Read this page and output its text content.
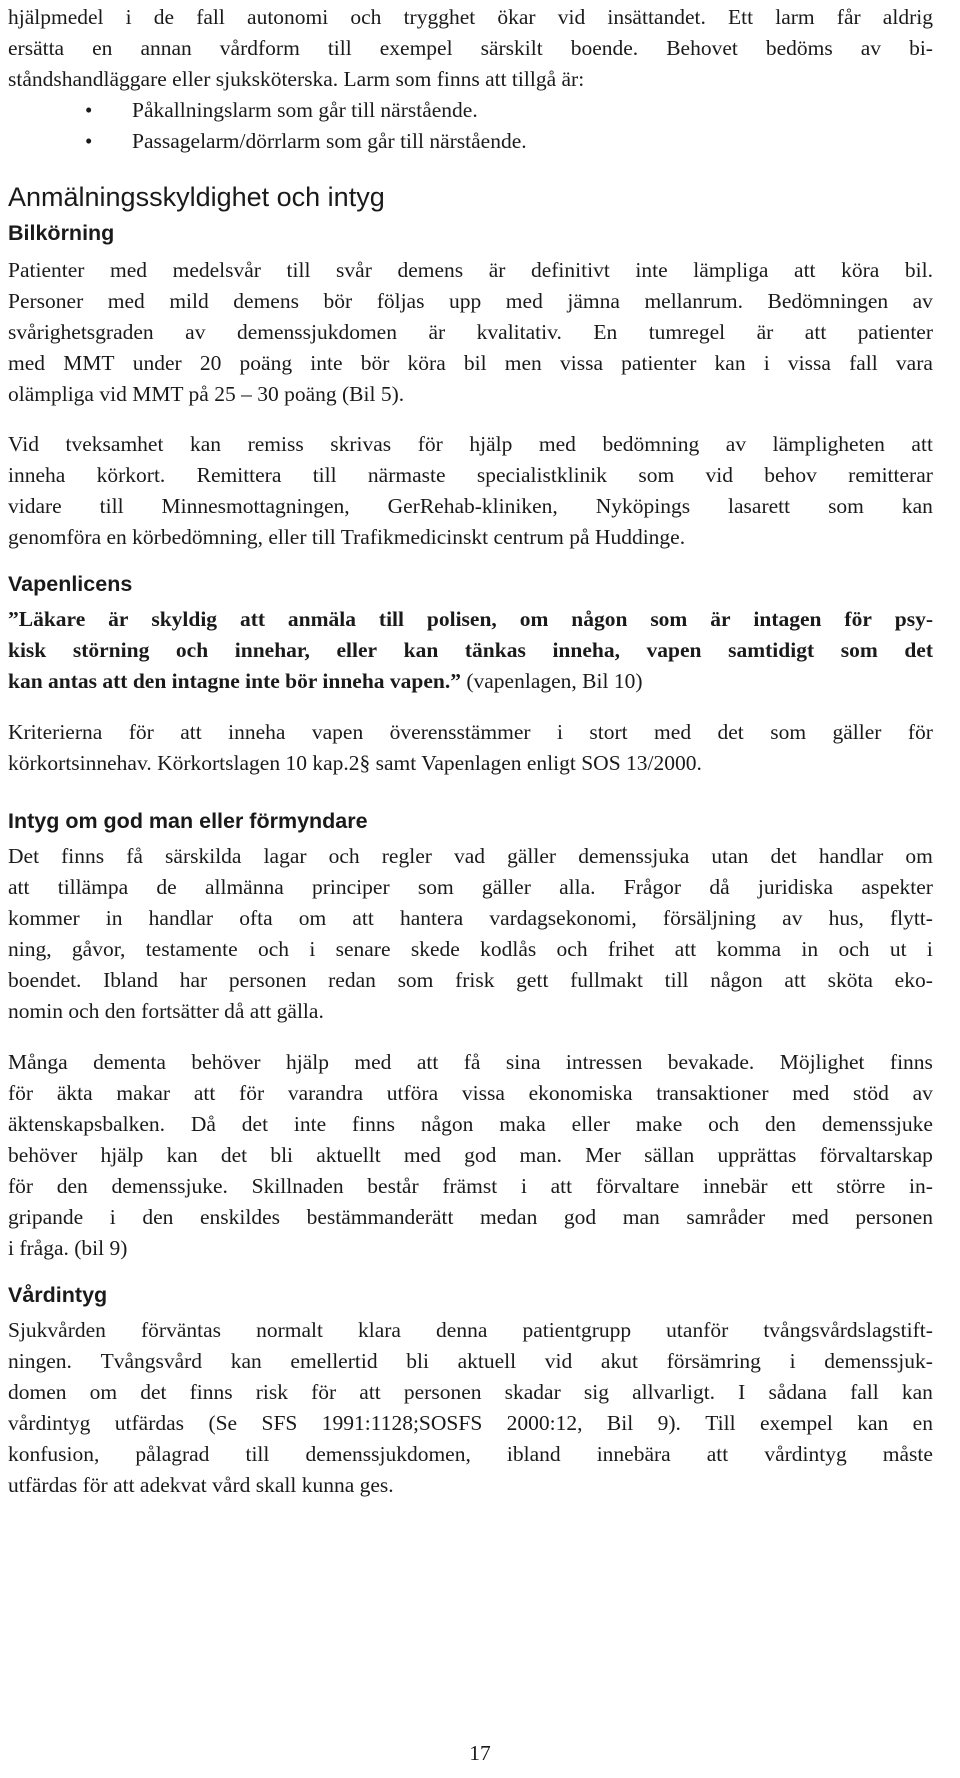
hjälpmedel i de fall autonomi och trygghet ökar vid insättandet. Ett larm får aldrig
ersätta en annan vårdform till exempel särskilt boende. Behovet bedöms av bi-
ståndshandläggare eller sjuksköterska. Larm som finns att tillgå är:
• Påkallningslarm som går till närstående.
• Passagelarm/dörrlarm som går till närstående.
Anmälningsskyldighet och intyg
Bilkörning
Patienter med medelsvår till svår demens är definitivt inte lämpliga att köra bil.
Personer med mild demens bör följas upp med jämna mellanrum. Bedömningen av
svårighetsgraden av demenssjukdomen är kvalitativ. En tumregel är att patienter
med MMT under 20 poäng inte bör köra bil men vissa patienter kan i vissa fall vara
olämpliga vid MMT på 25 – 30 poäng (Bil 5).
Vid tveksamhet kan remiss skrivas för hjälp med bedömning av lämpligheten att
inneha körkort. Remittera till närmaste specialistklinik som vid behov remitterar
vidare till Minnesmottagningen, GerRehab-kliniken, Nyköpings lasarett som kan
genomföra en körbedömning, eller till Trafikmedicinskt centrum på Huddinge.
Vapenlicens
”Läkare är skyldig att anmäla till polisen, om någon som är intagen för psy-
kisk störning och innehar, eller kan tänkas inneha, vapen samtidigt som det
kan antas att den intagne inte bör inneha vapen.” (vapenlagen, Bil 10)
Kriterierna för att inneha vapen överensstämmer i stort med det som gäller för
körkortsinnehav. Körkortslagen 10 kap.2§ samt Vapenlagen enligt SOS 13/2000.
Intyg om god man eller förmyndare
Det finns få särskilda lagar och regler vad gäller demenssjuka utan det handlar om
att tillämpa de allmänna principer som gäller alla. Frågor då juridiska aspekter
kommer in handlar ofta om att hantera vardagsekonomi, försäljning av hus, flytt-
ning, gåvor, testamente och i senare skede kodlås och frihet att komma in och ut i
boendet. Ibland har personen redan som frisk gett fullmakt till någon att sköta eko-
nomin och den fortsätter då att gälla.
Många dementa behöver hjälp med att få sina intressen bevakade. Möjlighet finns
för äkta makar att för varandra utföra vissa ekonomiska transaktioner med stöd av
äktenskapsbalken. Då det inte finns någon maka eller make och den demenssjuke
behöver hjälp kan det bli aktuellt med god man. Mer sällan upprättas förvaltarskap
för den demenssjuke. Skillnaden består främst i att förvaltare innebär ett större in-
gripande i den enskildes bestämmanderätt medan god man samråder med personen
i fråga. (bil 9)
Vårdintyg
Sjukvården förväntas normalt klara denna patientgrupp utanför tvångsvårdslagstift-
ningen. Tvångsvård kan emellertid bli aktuell vid akut försämring i demenssjuk-
domen om det finns risk för att personen skadar sig allvarligt. I sådana fall kan
vårdintyg utfärdas (Se SFS 1991:1128;SOSFS 2000:12, Bil 9). Till exempel kan en
konfusion, pålagrad till demenssjukdomen, ibland innebära att vårdintyg måste
utfärdas för att adekvat vård skall kunna ges.
17
